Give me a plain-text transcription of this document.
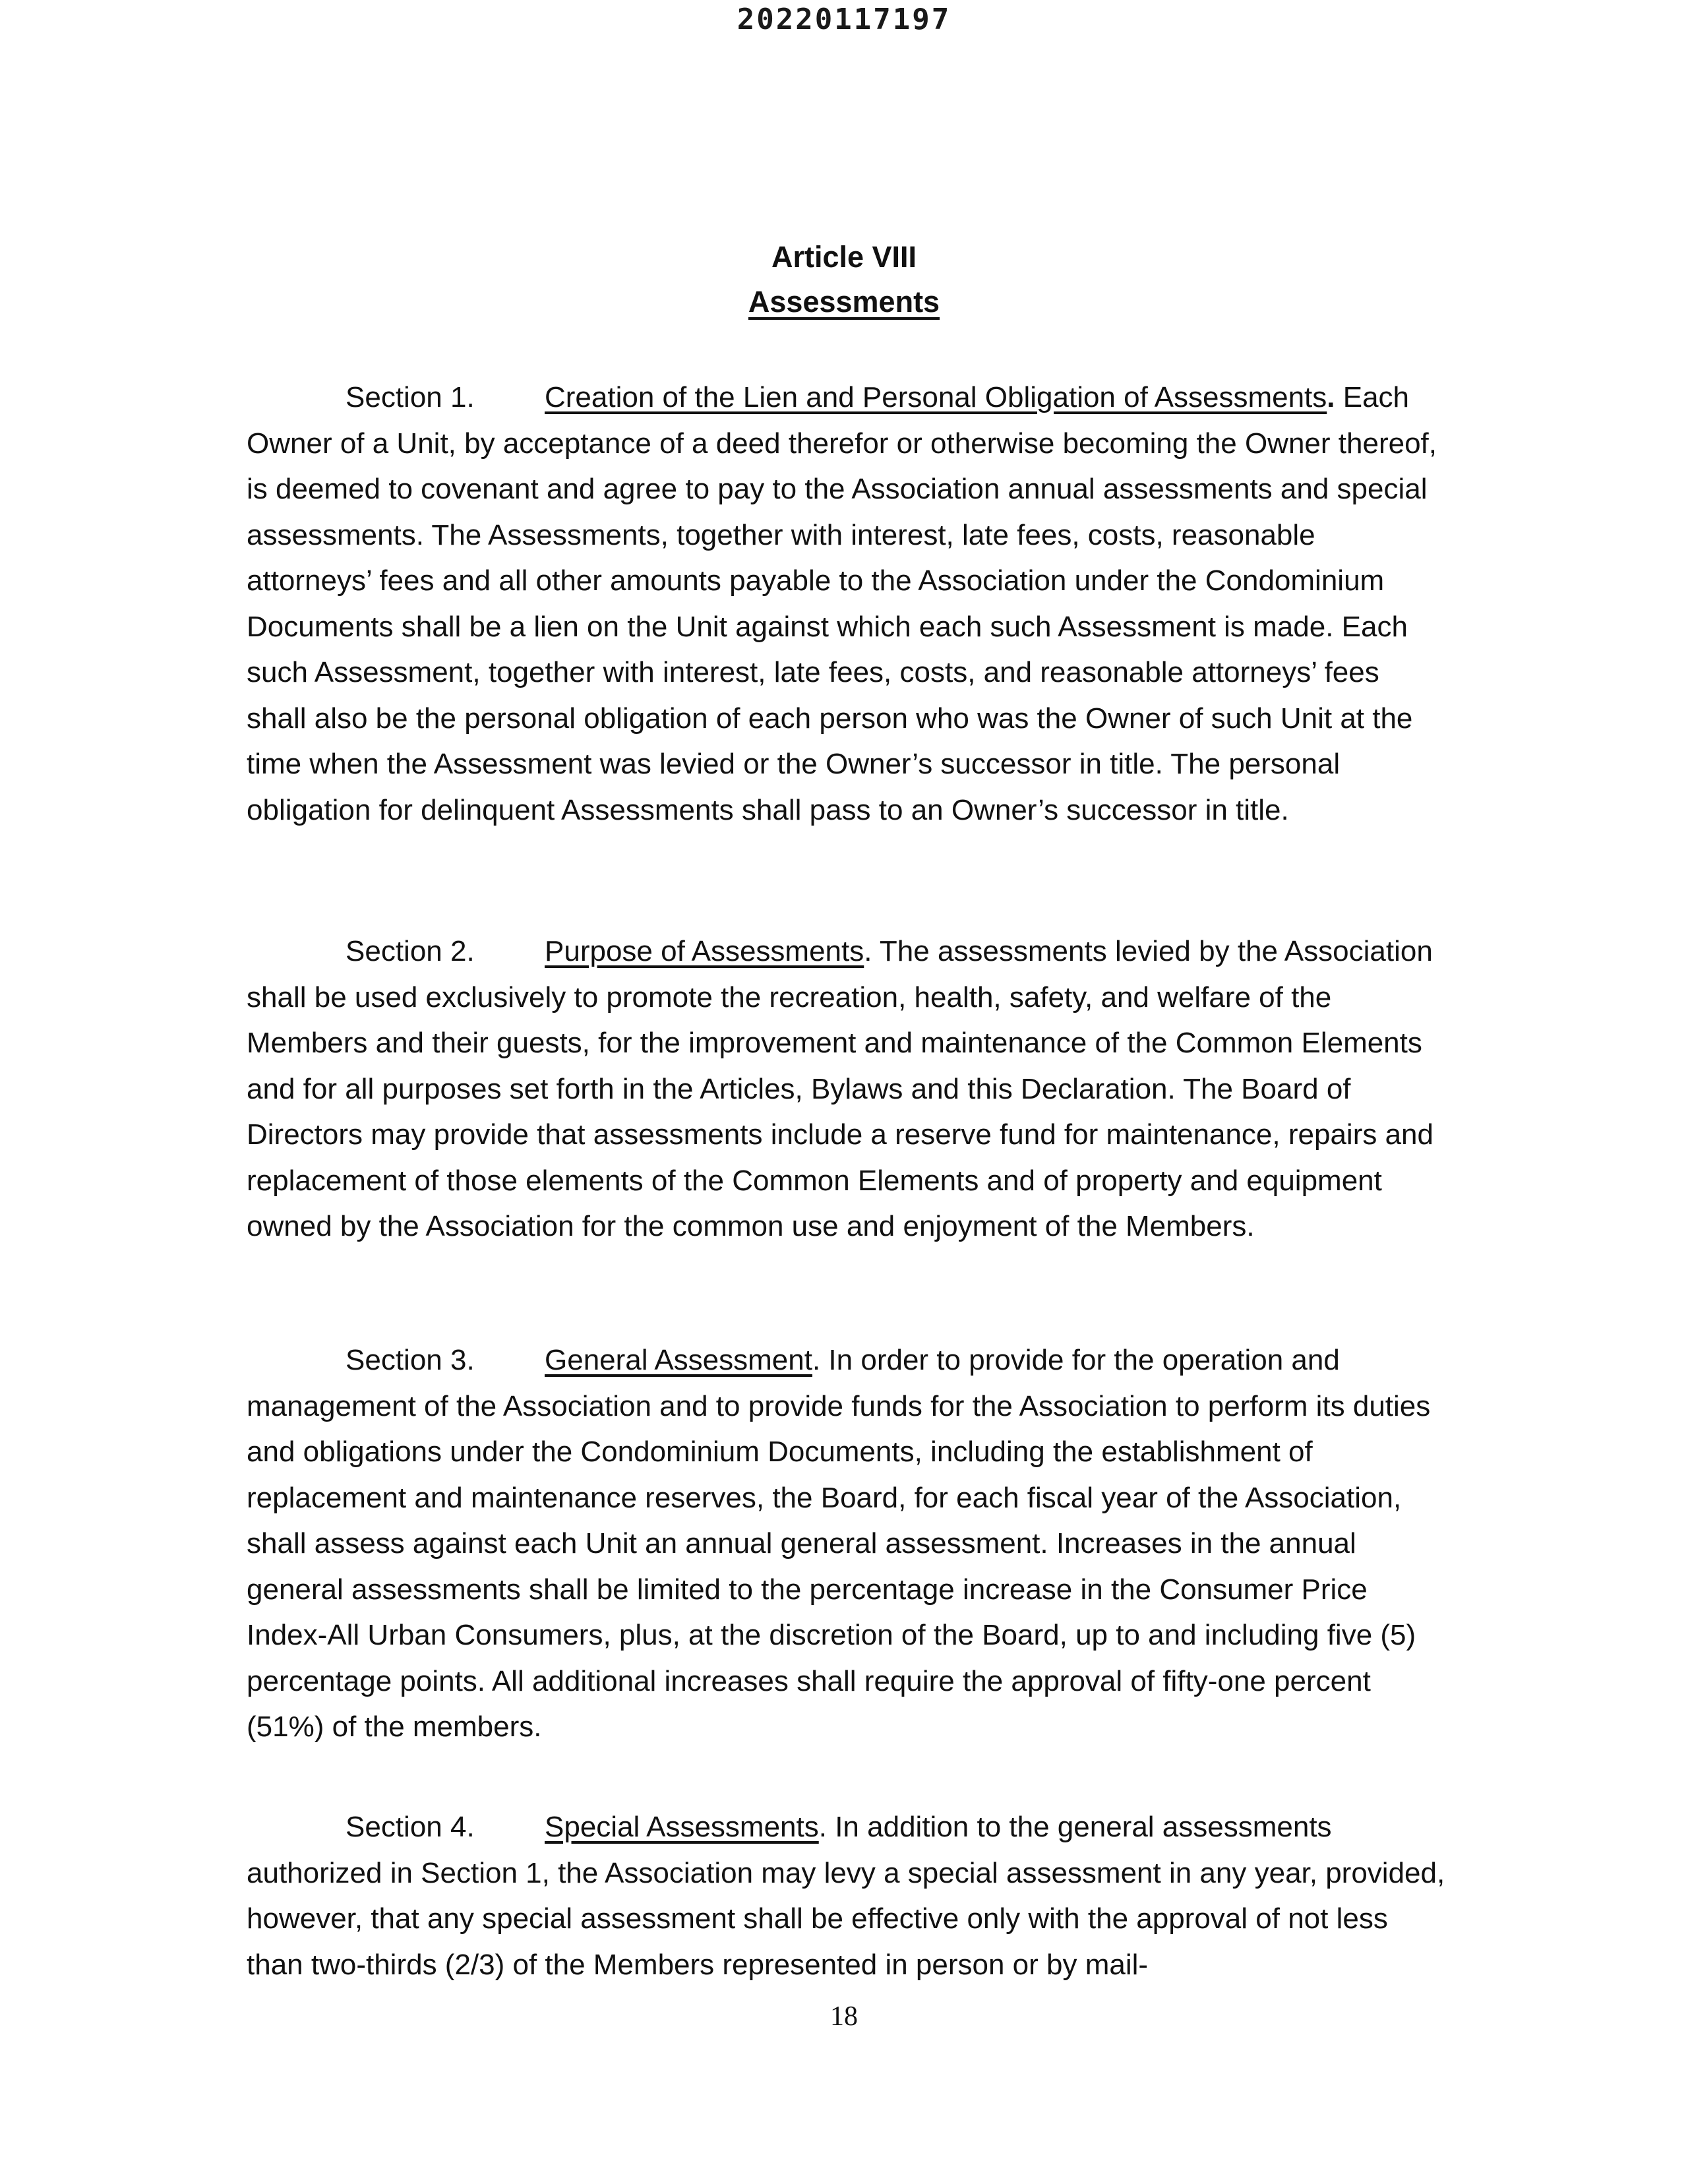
20220117197
Article VIII
Assessments

Section 1. Creation of the Lien and Personal Obligation of Assessments. Each Owner of a Unit, by acceptance of a deed therefor or otherwise becoming the Owner thereof, is deemed to covenant and agree to pay to the Association annual assessments and special assessments. The Assessments, together with interest, late fees, costs, reasonable attorneys’ fees and all other amounts payable to the Association under the Condominium Documents shall be a lien on the Unit against which each such Assessment is made. Each such Assessment, together with interest, late fees, costs, and reasonable attorneys’ fees shall also be the personal obligation of each person who was the Owner of such Unit at the time when the Assessment was levied or the Owner’s successor in title. The personal obligation for delinquent Assessments shall pass to an Owner’s successor in title.

Section 2. Purpose of Assessments. The assessments levied by the Association shall be used exclusively to promote the recreation, health, safety, and welfare of the Members and their guests, for the improvement and maintenance of the Common Elements and for all purposes set forth in the Articles, Bylaws and this Declaration. The Board of Directors may provide that assessments include a reserve fund for maintenance, repairs and replacement of those elements of the Common Elements and of property and equipment owned by the Association for the common use and enjoyment of the Members.

Section 3. General Assessment. In order to provide for the operation and management of the Association and to provide funds for the Association to perform its duties and obligations under the Condominium Documents, including the establishment of replacement and maintenance reserves, the Board, for each fiscal year of the Association, shall assess against each Unit an annual general assessment. Increases in the annual general assessments shall be limited to the percentage increase in the Consumer Price Index-All Urban Consumers, plus, at the discretion of the Board, up to and including five (5) percentage points. All additional increases shall require the approval of fifty-one percent (51%) of the members.

Section 4. Special Assessments. In addition to the general assessments authorized in Section 1, the Association may levy a special assessment in any year, provided, however, that any special assessment shall be effective only with the approval of not less than two-thirds (2/3) of the Members represented in person or by mail-

18
